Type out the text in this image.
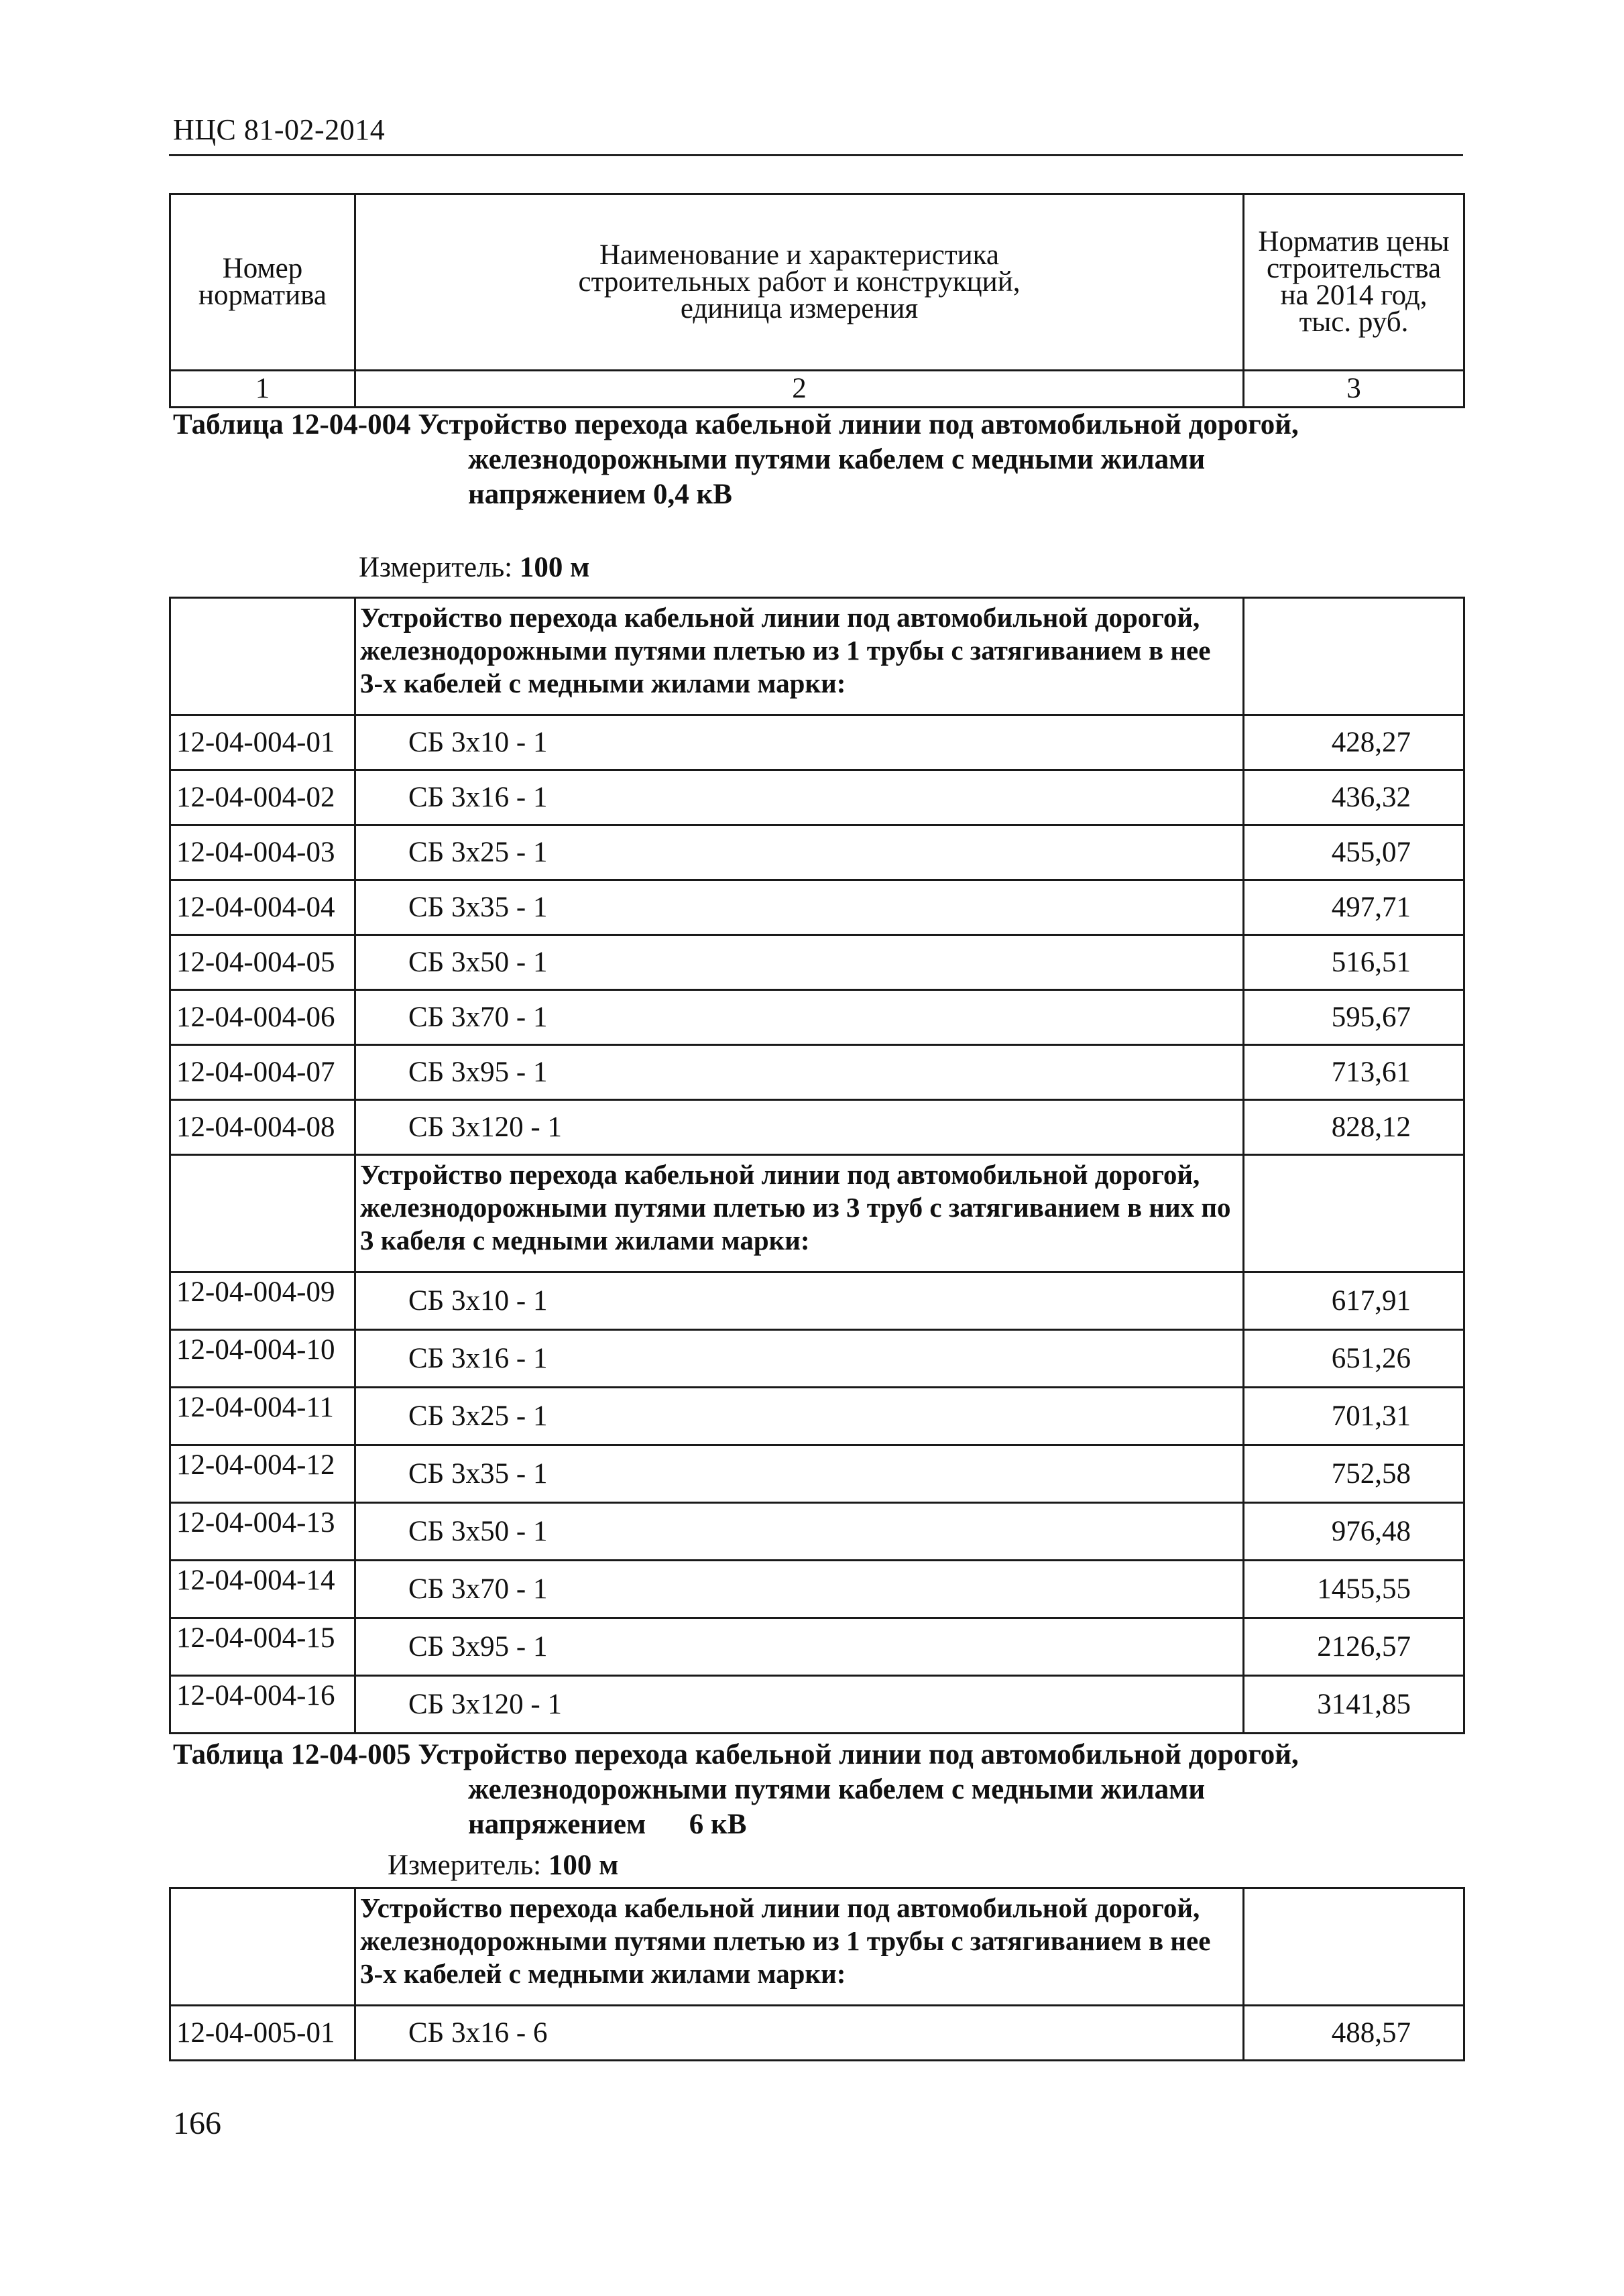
НЦС 81-02-2014
Номер норматива	Наименование и характеристика строительных работ и конструкций, единица измерения	Норматив цены строительства на 2014 год, тыс. руб.
1	2	3
Таблица 12-04-004 Устройство перехода кабельной линии под автомобильной дорогой,
железнодорожными путями кабелем с медными жилами
напряжением 0,4 кВ
Измеритель: 100 м
	Устройство перехода кабельной линии под автомобильной дорогой, железнодорожными путями плетью из 1 трубы с затягиванием в нее 3-х кабелей с медными жилами марки:	
12-04-004-01	СБ 3х10 - 1	428,27
12-04-004-02	СБ 3х16 - 1	436,32
12-04-004-03	СБ 3х25 - 1	455,07
12-04-004-04	СБ 3х35 - 1	497,71
12-04-004-05	СБ 3х50 - 1	516,51
12-04-004-06	СБ 3х70 - 1	595,67
12-04-004-07	СБ 3х95 - 1	713,61
12-04-004-08	СБ 3х120 - 1	828,12
	Устройство перехода кабельной линии под автомобильной дорогой, железнодорожными путями плетью из 3 труб с затягиванием в них по 3 кабеля с медными жилами марки:	
12-04-004-09	СБ 3х10 - 1	617,91
12-04-004-10	СБ 3х16 - 1	651,26
12-04-004-11	СБ 3х25 - 1	701,31
12-04-004-12	СБ 3х35 - 1	752,58
12-04-004-13	СБ 3х50 - 1	976,48
12-04-004-14	СБ 3х70 - 1	1455,55
12-04-004-15	СБ 3х95 - 1	2126,57
12-04-004-16	СБ 3х120 - 1	3141,85
Таблица 12-04-005 Устройство перехода кабельной линии под автомобильной дорогой,
железнодорожными путями кабелем с медными жилами
напряжением      6 кВ
Измеритель: 100 м
	Устройство перехода кабельной линии под автомобильной дорогой, железнодорожными путями плетью из 1 трубы с затягиванием в нее 3-х кабелей с медными жилами марки:	
12-04-005-01	СБ 3х16 - 6	488,57
166
